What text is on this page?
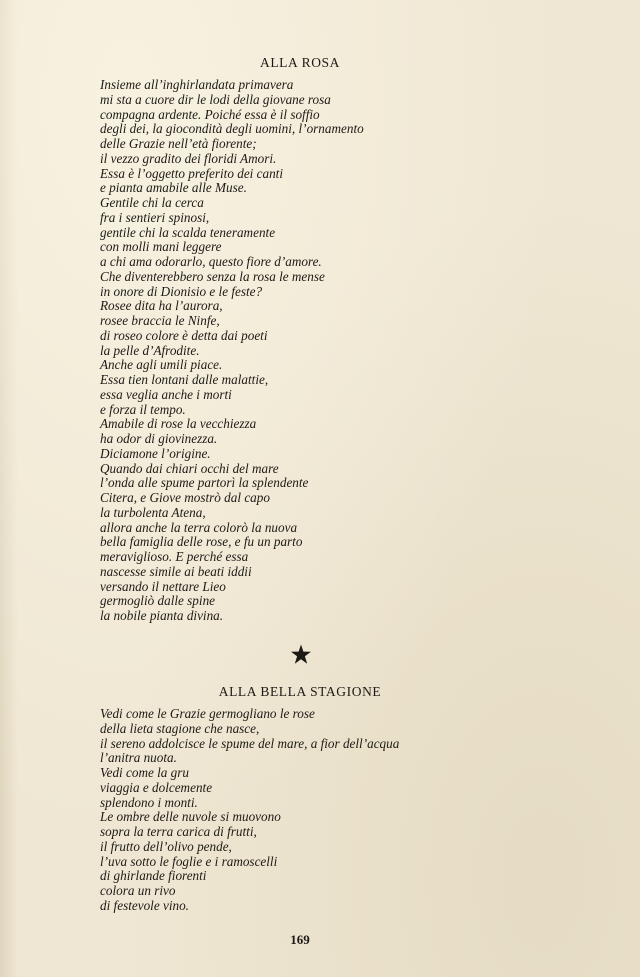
ALLA ROSA
Insieme all’inghirlandata primavera
mi sta a cuore dir le lodi della giovane rosa
compagna ardente. Poiché essa è il soffio
degli dei, la giocondità degli uomini, l’ornamento
delle Grazie nell’età fiorente;
il vezzo gradito dei floridi Amori.
Essa è l’oggetto preferito dei canti
e pianta amabile alle Muse.
Gentile chi la cerca
fra i sentieri spinosi,
gentile chi la scalda teneramente
con molli mani leggere
a chi ama odorarlo, questo fiore d’amore.
Che diventerebbero senza la rosa le mense
in onore di Dionisio e le feste?
Rosee dita ha l’aurora,
rosee braccia le Ninfe,
di roseo colore è detta dai poeti
la pelle d’Afrodite.
Anche agli umili piace.
Essa tien lontani dalle malattie,
essa veglia anche i morti
e forza il tempo.
Amabile di rose la vecchiezza
ha odor di giovinezza.
Diciamone l’origine.
Quando dai chiari occhi del mare
l’onda alle spume partorì la splendente
Citera, e Giove mostrò dal capo
la turbolenta Atena,
allora anche la terra colorò la nuova
bella famiglia delle rose, e fu un parto
meraviglioso. E perché essa
nascesse simile ai beati iddii
versando il nettare Lieo
germogliò dalle spine
la nobile pianta divina.
ALLA BELLA STAGIONE
Vedi come le Grazie germogliano le rose
della lieta stagione che nasce,
il sereno addolcisce le spume del mare, a fior dell’acqua
l’anitra nuota.
Vedi come la gru
viaggia e dolcemente
splendono i monti.
Le ombre delle nuvole si muovono
sopra la terra carica di frutti,
il frutto dell’olivo pende,
l’uva sotto le foglie e i ramoscelli
di ghirlande fiorenti
colora un rivo
di festevole vino.
169
